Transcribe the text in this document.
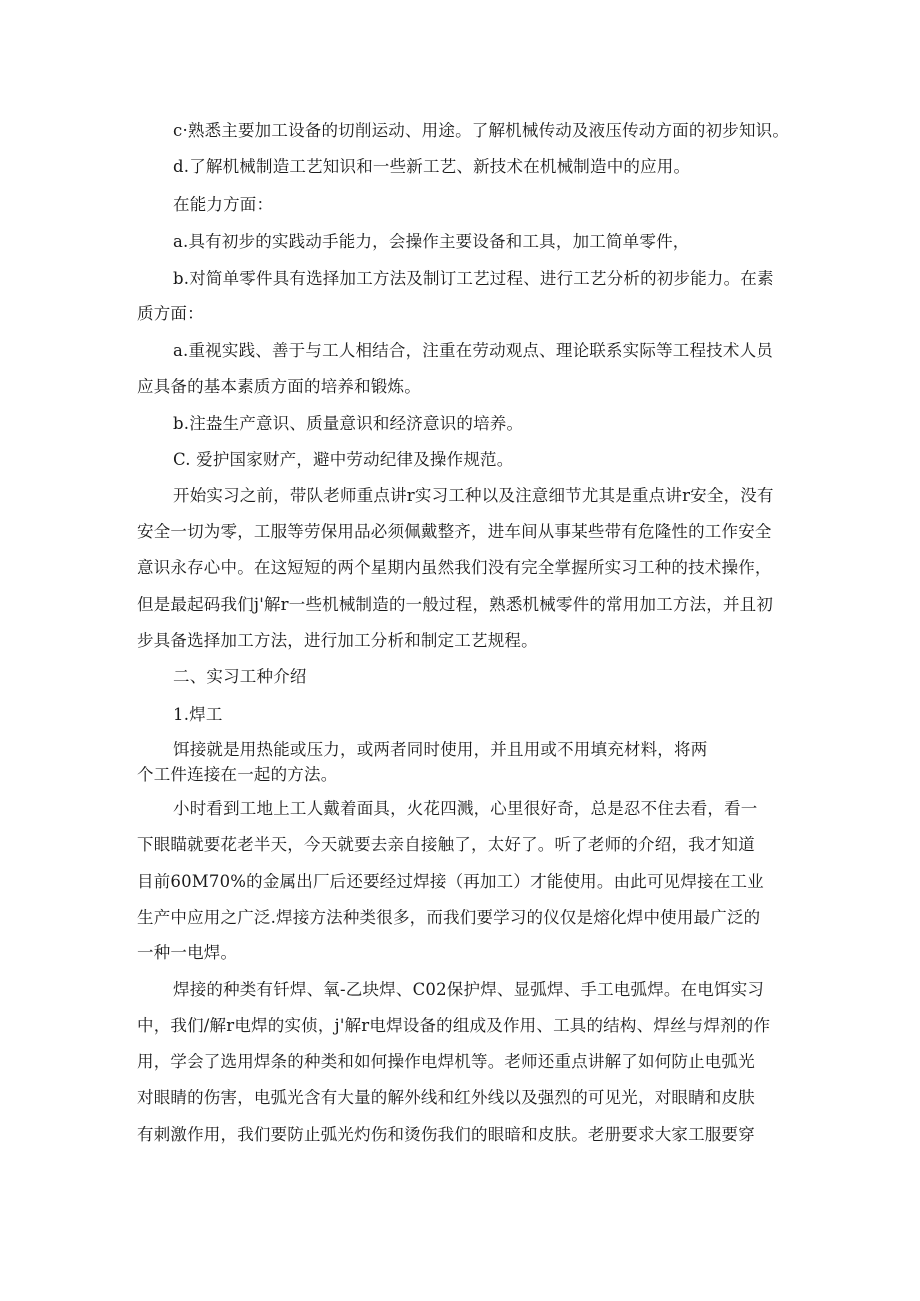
c·熟悉主要加工设备的切削运动、用途。了解机械传动及液压传动方面的初步知识。
d.了解机械制造工艺知识和一些新工艺、新技术在机械制造中的应用。
在能力方面：
a.具有初步的实践动手能力，会操作主要设备和工具，加工简单零件，
b.对简单零件具有选择加工方法及制订工艺过程、进行工艺分析的初步能力。在素
质方面：
a.重视实践、善于与工人相结合，注重在劳动观点、理论联系实际等工程技术人员
应具备的基本素质方面的培养和锻炼。
b.注盎生产意识、质量意识和经济意识的培养。
C. 爱护国家财产，避中劳动纪律及操作规范。
开始实习之前，带队老师重点讲r实习工种以及注意细节尤其是重点讲r安全，没有
安全一切为零，工服等劳保用品必须佩戴整齐，进车间从事某些带有危隆性的工作安全
意识永存心中。在这短短的两个星期内虽然我们没有完全掌握所实习工种的技术操作，
但是最起码我们j'解r一些机械制造的一般过程，熟悉机械零件的常用加工方法，并且初
步具备选择加工方法，进行加工分析和制定工艺规程。
二、实习工种介绍
1.焊工
饵接就是用热能或压力，或两者同时使用，并且用或不用填充材料，将两
个工件连接在一起的方法。
小时看到工地上工人戴着面具，火花四溅，心里很好奇，总是忍不住去看，看一
下眼瞄就要花老半天，今天就要去亲自接触了，太好了。听了老师的介绍，我才知道
目前60M70%的金属出厂后还要经过焊接（再加工）才能使用。由此可见焊接在工业
生产中应用之广泛.焊接方法种类很多，而我们要学习的仪仅是熔化焊中使用最广泛的
一种一电焊。
焊接的种类有钎焊、氧-乙块焊、C02保护焊、显弧焊、手工电弧焊。在电饵实习
中，我们/解r电焊的实侦，j'解r电焊设备的组成及作用、工具的结构、焊丝与焊剂的作
用，学会了选用焊条的种类和如何操作电焊机等。老师还重点讲解了如何防止电弧光
对眼睛的伤害，电弧光含有大量的解外线和红外线以及强烈的可见光，对眼睛和皮肤
有刺激作用，我们要防止弧光灼伤和烫伤我们的眼暗和皮肤。老册要求大家工服要穿
